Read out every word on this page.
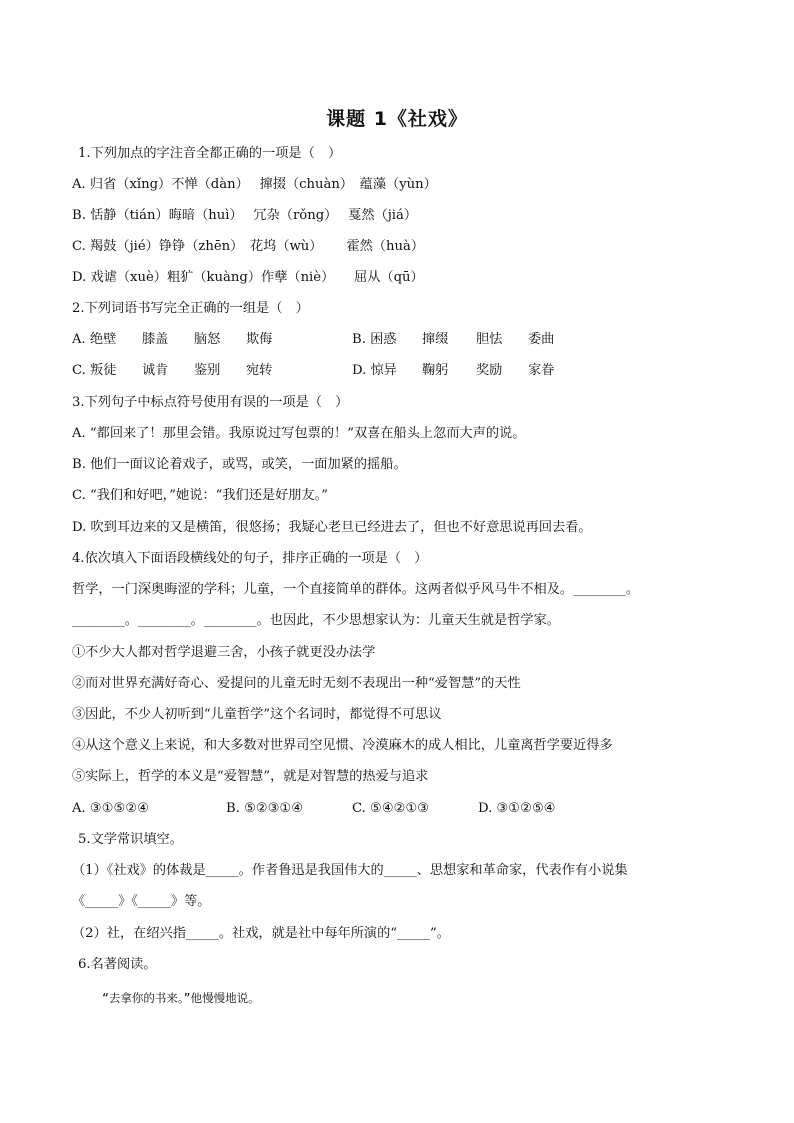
课题 1《社戏》
1.下列加点的字注音全都正确的一项是（　）
A. 归省（xǐng）不惮（dàn）　 撺掇（chuàn）　蕴藻（yùn）
B. 恬静（tián）晦暗（huì）　 冗杂（rǒng）　 戛然（jiá）
C. 羯鼓（jié）铮铮（zhēn）　花坞（wù）　　 霍然（huà）
D. 戏谑（xuè）粗犷（kuàng）作孽（niè）　　屈从（qū）
2.下列词语书写完全正确的一组是（　）
A. 绝壁 膝盖 脑怒 欺侮	B. 困惑 撺缀 胆怯 委曲
C. 叛徒 诚肯 鉴别 宛转	D. 惊异 鞠躬 奖励 家眷
3.下列句子中标点符号使用有误的一项是（　）
A. “都回来了！那里会错。我原说过写包票的！”双喜在船头上忽而大声的说。
B. 他们一面议论着戏子，或骂，或笑，一面加紧的摇船。
C. “我们和好吧，”她说：“我们还是好朋友。”
D. 吹到耳边来的又是横笛，很悠扬；我疑心老旦已经进去了，但也不好意思说再回去看。
4.依次填入下面语段横线处的句子，排序正确的一项是（　）
哲学，一门深奥晦涩的学科；儿童，一个直接简单的群体。这两者似乎风马牛不相及。________。
________。________。________。也因此，不少思想家认为：儿童天生就是哲学家。
①不少大人都对哲学退避三舍，小孩子就更没办法学
②而对世界充满好奇心、爱提问的儿童无时无刻不表现出一种“爱智慧”的天性
③因此，不少人初听到“儿童哲学”这个名词时，都觉得不可思议
④从这个意义上来说，和大多数对世界司空见惯、冷漠麻木的成人相比，儿童离哲学要近得多
⑤实际上，哲学的本义是“爱智慧”，就是对智慧的热爱与追求
A. ③①⑤②④	B. ⑤②③①④	C. ⑤④②①③	D. ③①②⑤④
5.文学常识填空。
（1）《社戏》的体裁是_____。作者鲁迅是我国伟大的_____、思想家和革命家，代表作有小说集
《_____》《_____》等。
（2）社，在绍兴指_____。社戏，就是社中每年所演的“_____”。
6.名著阅读。
“去拿你的书来。”他慢慢地说。
